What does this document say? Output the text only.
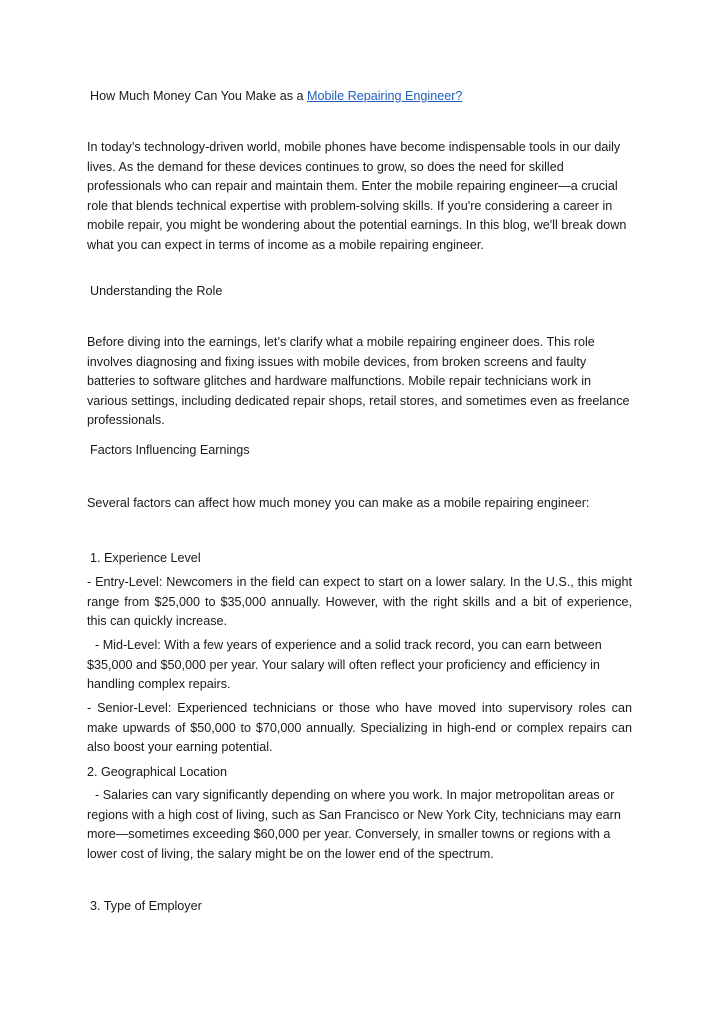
How Much Money Can You Make as a Mobile Repairing Engineer?

In today’s technology-driven world, mobile phones have become indispensable tools in our daily lives. As the demand for these devices continues to grow, so does the need for skilled professionals who can repair and maintain them. Enter the mobile repairing engineer—a crucial role that blends technical expertise with problem-solving skills. If you're considering a career in mobile repair, you might be wondering about the potential earnings. In this blog, we'll break down what you can expect in terms of income as a mobile repairing engineer.

Understanding the Role

Before diving into the earnings, let’s clarify what a mobile repairing engineer does. This role involves diagnosing and fixing issues with mobile devices, from broken screens and faulty batteries to software glitches and hardware malfunctions. Mobile repair technicians work in various settings, including dedicated repair shops, retail stores, and sometimes even as freelance professionals.

Factors Influencing Earnings

Several factors can affect how much money you can make as a mobile repairing engineer:

1. Experience Level

- Entry-Level: Newcomers in the field can expect to start on a lower salary. In the U.S., this might range from $25,000 to $35,000 annually. However, with the right skills and a bit of experience, this can quickly increase.

- Mid-Level: With a few years of experience and a solid track record, you can earn between $35,000 and $50,000 per year. Your salary will often reflect your proficiency and efficiency in handling complex repairs.

- Senior-Level: Experienced technicians or those who have moved into supervisory roles can make upwards of $50,000 to $70,000 annually. Specializing in high-end or complex repairs can also boost your earning potential.

2. Geographical Location

- Salaries can vary significantly depending on where you work. In major metropolitan areas or regions with a high cost of living, such as San Francisco or New York City, technicians may earn more—sometimes exceeding $60,000 per year. Conversely, in smaller towns or regions with a lower cost of living, the salary might be on the lower end of the spectrum.

3. Type of Employer
